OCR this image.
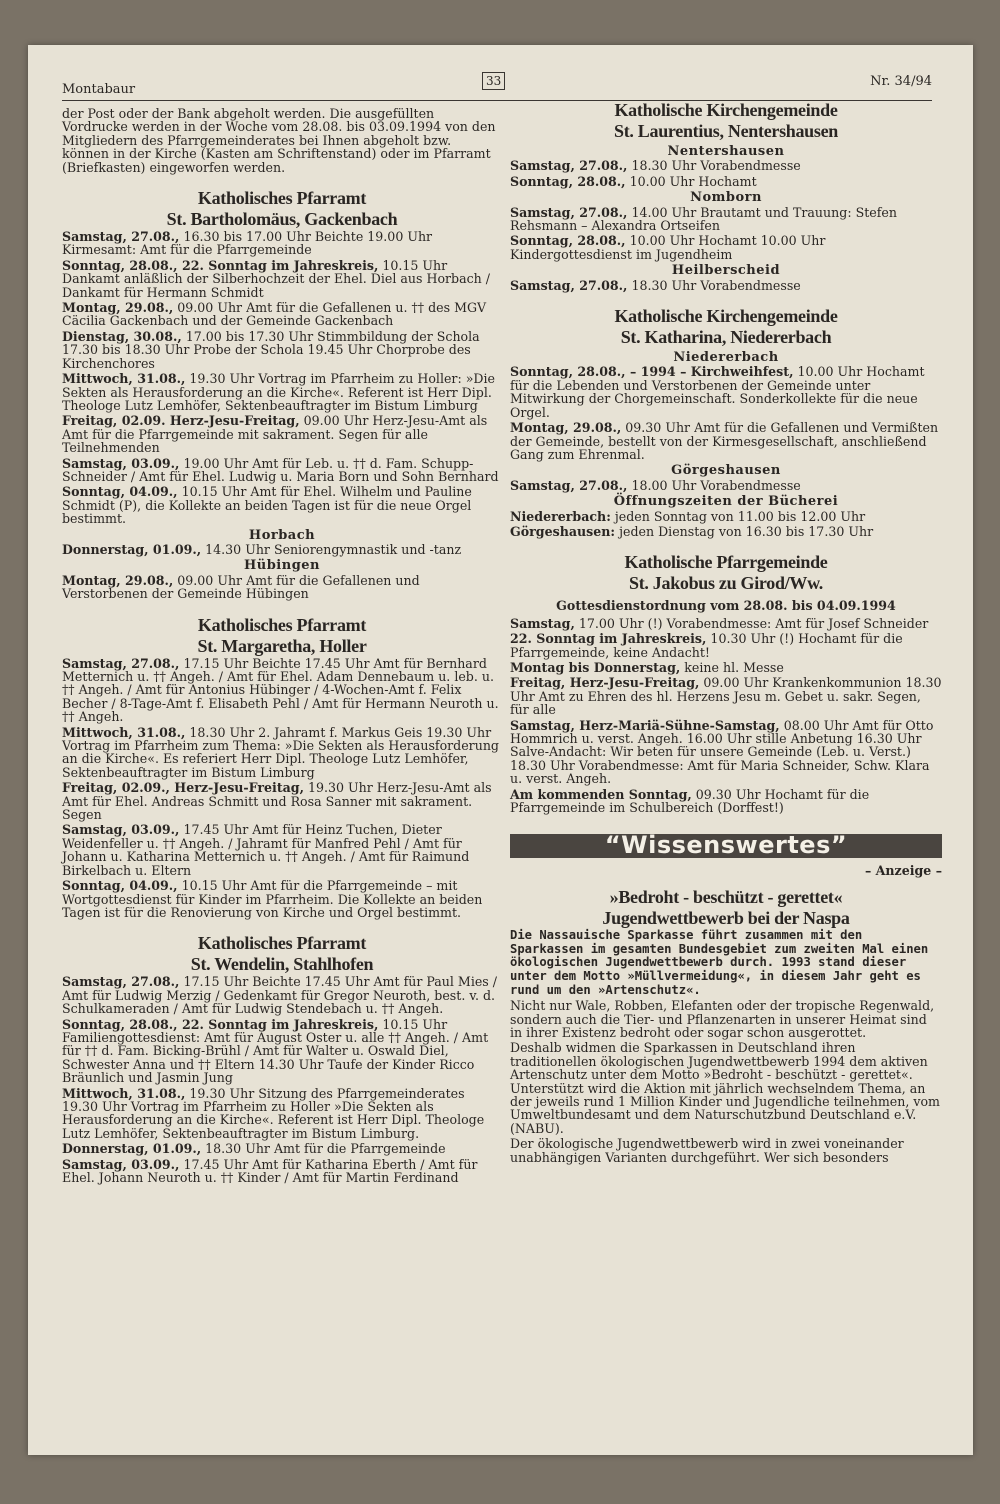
Montabaur
33	Nr. 34/94

der Post oder der Bank abgeholt werden. Die ausgefüllten Vordrucke werden in der Woche vom 28.08. bis 03.09.1994 von den Mitgliedern des Pfarrgemeinderates bei Ihnen abgeholt bzw. können in der Kirche (Kasten am Schriftenstand) oder im Pfarramt (Briefkasten) eingeworfen werden.

Katholisches Pfarramt
St. Bartholomäus, Gackenbach

Samstag, 27.08., 16.30 bis 17.00 Uhr Beichte 19.00 Uhr Kirmesamt: Amt für die Pfarrgemeinde

Sonntag, 28.08., 22. Sonntag im Jahreskreis, 10.15 Uhr Dankamt anläßlich der Silberhochzeit der Ehel. Diel aus Horbach / Dankamt für Hermann Schmidt

Montag, 29.08., 09.00 Uhr Amt für die Gefallenen u. †† des MGV Cäcilia Gackenbach und der Gemeinde Gackenbach

Dienstag, 30.08., 17.00 bis 17.30 Uhr Stimmbildung der Schola 17.30 bis 18.30 Uhr Probe der Schola 19.45 Uhr Chorprobe des Kirchenchores

Mittwoch, 31.08., 19.30 Uhr Vortrag im Pfarrheim zu Holler: »Die Sekten als Herausforderung an die Kirche«. Referent ist Herr Dipl. Theologe Lutz Lemhöfer, Sektenbeauftragter im Bistum Limburg

Freitag, 02.09. Herz-Jesu-Freitag, 09.00 Uhr Herz-Jesu-Amt als Amt für die Pfarrgemeinde mit sakrament. Segen für alle Teilnehmenden

Samstag, 03.09., 19.00 Uhr Amt für Leb. u. †† d. Fam. Schupp-Schneider / Amt für Ehel. Ludwig u. Maria Born und Sohn Bernhard

Sonntag, 04.09., 10.15 Uhr Amt für Ehel. Wilhelm und Pauline Schmidt (P), die Kollekte an beiden Tagen ist für die neue Orgel bestimmt.

Horbach

Donnerstag, 01.09., 14.30 Uhr Seniorengymnastik und -tanz

Hübingen

Montag, 29.08., 09.00 Uhr Amt für die Gefallenen und Verstorbenen der Gemeinde Hübingen

Katholisches Pfarramt
St. Margaretha, Holler

Samstag, 27.08., 17.15 Uhr Beichte 17.45 Uhr Amt für Bernhard Metternich u. †† Angeh. / Amt für Ehel. Adam Dennebaum u. leb. u. †† Angeh. / Amt für Antonius Hübinger / 4-Wochen-Amt f. Felix Becher / 8-Tage-Amt f. Elisabeth Pehl / Amt für Hermann Neuroth u. †† Angeh.

Mittwoch, 31.08., 18.30 Uhr 2. Jahramt f. Markus Geis 19.30 Uhr Vortrag im Pfarrheim zum Thema: »Die Sekten als Herausforderung an die Kirche«. Es referiert Herr Dipl. Theologe Lutz Lemhöfer, Sektenbeauftragter im Bistum Limburg

Freitag, 02.09., Herz-Jesu-Freitag, 19.30 Uhr Herz-Jesu-Amt als Amt für Ehel. Andreas Schmitt und Rosa Sanner mit sakrament. Segen

Samstag, 03.09., 17.45 Uhr Amt für Heinz Tuchen, Dieter Weidenfeller u. †† Angeh. / Jahramt für Manfred Pehl / Amt für Johann u. Katharina Metternich u. †† Angeh. / Amt für Raimund Birkelbach u. Eltern

Sonntag, 04.09., 10.15 Uhr Amt für die Pfarrgemeinde – mit Wortgottesdienst für Kinder im Pfarrheim. Die Kollekte an beiden Tagen ist für die Renovierung von Kirche und Orgel bestimmt.

Katholisches Pfarramt
St. Wendelin, Stahlhofen

Samstag, 27.08., 17.15 Uhr Beichte 17.45 Uhr Amt für Paul Mies / Amt für Ludwig Merzig / Gedenkamt für Gregor Neuroth, best. v. d. Schulkameraden / Amt für Ludwig Stendebach u. †† Angeh.

Sonntag, 28.08., 22. Sonntag im Jahreskreis, 10.15 Uhr Familiengottesdienst: Amt für August Oster u. alle †† Angeh. / Amt für †† d. Fam. Bicking-Brühl / Amt für Walter u. Oswald Diel, Schwester Anna und †† Eltern 14.30 Uhr Taufe der Kinder Ricco Bräunlich und Jasmin Jung

Mittwoch, 31.08., 19.30 Uhr Sitzung des Pfarrgemeinderates 19.30 Uhr Vortrag im Pfarrheim zu Holler »Die Sekten als Herausforderung an die Kirche«. Referent ist Herr Dipl. Theologe Lutz Lemhöfer, Sektenbeauftragter im Bistum Limburg.

Donnerstag, 01.09., 18.30 Uhr Amt für die Pfarrgemeinde

Samstag, 03.09., 17.45 Uhr Amt für Katharina Eberth / Amt für Ehel. Johann Neuroth u. †† Kinder / Amt für Martin Ferdinand

Katholische Kirchengemeinde
St. Laurentius, Nentershausen
Nentershausen

Samstag, 27.08., 18.30 Uhr Vorabendmesse

Sonntag, 28.08., 10.00 Uhr Hochamt

Nomborn

Samstag, 27.08., 14.00 Uhr Brautamt und Trauung: Stefen Rehsmann – Alexandra Ortseifen

Sonntag, 28.08., 10.00 Uhr Hochamt 10.00 Uhr Kindergottesdienst im Jugendheim

Heilberscheid

Samstag, 27.08., 18.30 Uhr Vorabendmesse

Katholische Kirchengemeinde
St. Katharina, Niedererbach
Niedererbach

Sonntag, 28.08., – 1994 – Kirchweihfest, 10.00 Uhr Hochamt für die Lebenden und Verstorbenen der Gemeinde unter Mitwirkung der Chorgemeinschaft. Sonderkollekte für die neue Orgel.

Montag, 29.08., 09.30 Uhr Amt für die Gefallenen und Vermißten der Gemeinde, bestellt von der Kirmesgesellschaft, anschließend Gang zum Ehrenmal.

Görgeshausen

Samstag, 27.08., 18.00 Uhr Vorabendmesse

Öffnungszeiten der Bücherei

Niedererbach: jeden Sonntag von 11.00 bis 12.00 Uhr

Görgeshausen: jeden Dienstag von 16.30 bis 17.30 Uhr

Katholische Pfarrgemeinde
St. Jakobus zu Girod/Ww.
Gottesdienstordnung vom 28.08. bis 04.09.1994

Samstag, 17.00 Uhr (!) Vorabendmesse: Amt für Josef Schneider

22. Sonntag im Jahreskreis, 10.30 Uhr (!) Hochamt für die Pfarrgemeinde, keine Andacht!

Montag bis Donnerstag, keine hl. Messe

Freitag, Herz-Jesu-Freitag, 09.00 Uhr Krankenkommunion 18.30 Uhr Amt zu Ehren des hl. Herzens Jesu m. Gebet u. sakr. Segen, für alle

Samstag, Herz-Mariä-Sühne-Samstag, 08.00 Uhr Amt für Otto Hommrich u. verst. Angeh. 16.00 Uhr stille Anbetung 16.30 Uhr Salve-Andacht: Wir beten für unsere Gemeinde (Leb. u. Verst.) 18.30 Uhr Vorabendmesse: Amt für Maria Schneider, Schw. Klara u. verst. Angeh.

Am kommenden Sonntag, 09.30 Uhr Hochamt für die Pfarrgemeinde im Schulbereich (Dorffest!)

“Wissenswertes”
– Anzeige –
»Bedroht - beschützt - gerettet«
Jugendwettbewerb bei der Naspa

Die Nassauische Sparkasse führt zusammen mit den Sparkassen im gesamten Bundesgebiet zum zweiten Mal einen ökologischen Jugendwettbewerb durch. 1993 stand dieser unter dem Motto »Müllvermeidung«, in diesem Jahr geht es rund um den »Artenschutz«.

Nicht nur Wale, Robben, Elefanten oder der tropische Regenwald, sondern auch die Tier- und Pflanzenarten in unserer Heimat sind in ihrer Existenz bedroht oder sogar schon ausgerottet.

Deshalb widmen die Sparkassen in Deutschland ihren traditionellen ökologischen Jugendwettbewerb 1994 dem aktiven Artenschutz unter dem Motto »Bedroht - beschützt - gerettet«. Unterstützt wird die Aktion mit jährlich wechselndem Thema, an der jeweils rund 1 Million Kinder und Jugendliche teilnehmen, vom Umweltbundesamt und dem Naturschutzbund Deutschland e.V. (NABU).

Der ökologische Jugendwettbewerb wird in zwei voneinander unabhängigen Varianten durchgeführt. Wer sich besonders
